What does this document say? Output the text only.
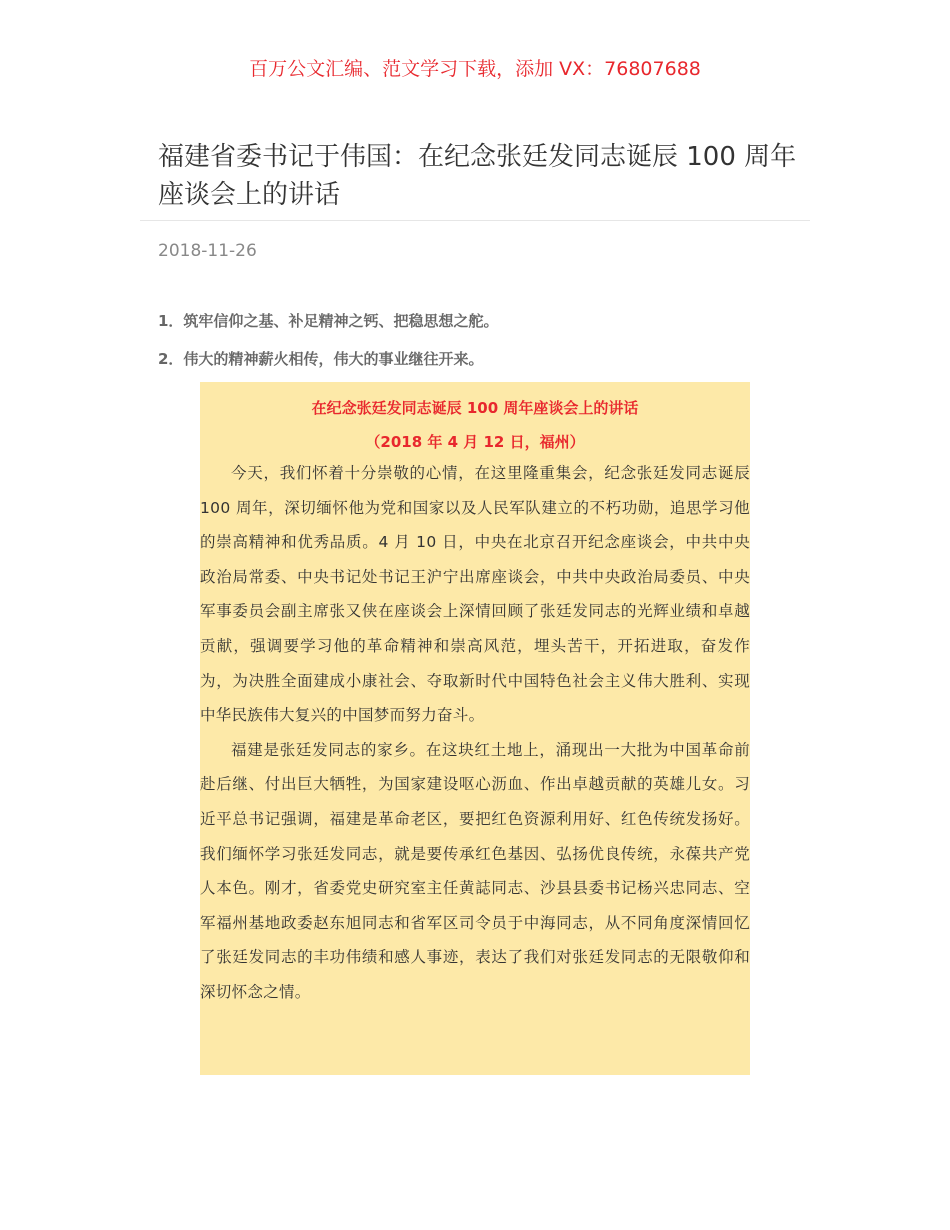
百万公文汇编、范文学习下载，添加 VX：76807688
福建省委书记于伟国：在纪念张廷发同志诞辰 100 周年座谈会上的讲话
2018-11-26
1．筑牢信仰之基、补足精神之钙、把稳思想之舵。
2．伟大的精神薪火相传，伟大的事业继往开来。
在纪念张廷发同志诞辰 100 周年座谈会上的讲话
（2018 年 4 月 12 日，福州）

今天，我们怀着十分崇敬的心情，在这里隆重集会，纪念张廷发同志诞辰 100 周年，深切缅怀他为党和国家以及人民军队建立的不朽功勋，追思学习他的崇高精神和优秀品质。4 月 10 日，中央在北京召开纪念座谈会，中共中央政治局常委、中央书记处书记王沪宁出席座谈会，中共中央政治局委员、中央军事委员会副主席张又侠在座谈会上深情回顾了张廷发同志的光辉业绩和卓越贡献，强调要学习他的革命精神和崇高风范，埋头苦干，开拓进取，奋发作为，为决胜全面建成小康社会、夺取新时代中国特色社会主义伟大胜利、实现中华民族伟大复兴的中国梦而努力奋斗。

福建是张廷发同志的家乡。在这块红土地上，涌现出一大批为中国革命前赴后继、付出巨大牺牲，为国家建设呕心沥血、作出卓越贡献的英雄儿女。习近平总书记强调，福建是革命老区，要把红色资源利用好、红色传统发扬好。我们缅怀学习张廷发同志，就是要传承红色基因、弘扬优良传统，永葆共产党人本色。刚才，省委党史研究室主任黄誌同志、沙县县委书记杨兴忠同志、空军福州基地政委赵东旭同志和省军区司令员于中海同志，从不同角度深情回忆了张廷发同志的丰功伟绩和感人事迹，表达了我们对张廷发同志的无限敬仰和深切怀念之情。
